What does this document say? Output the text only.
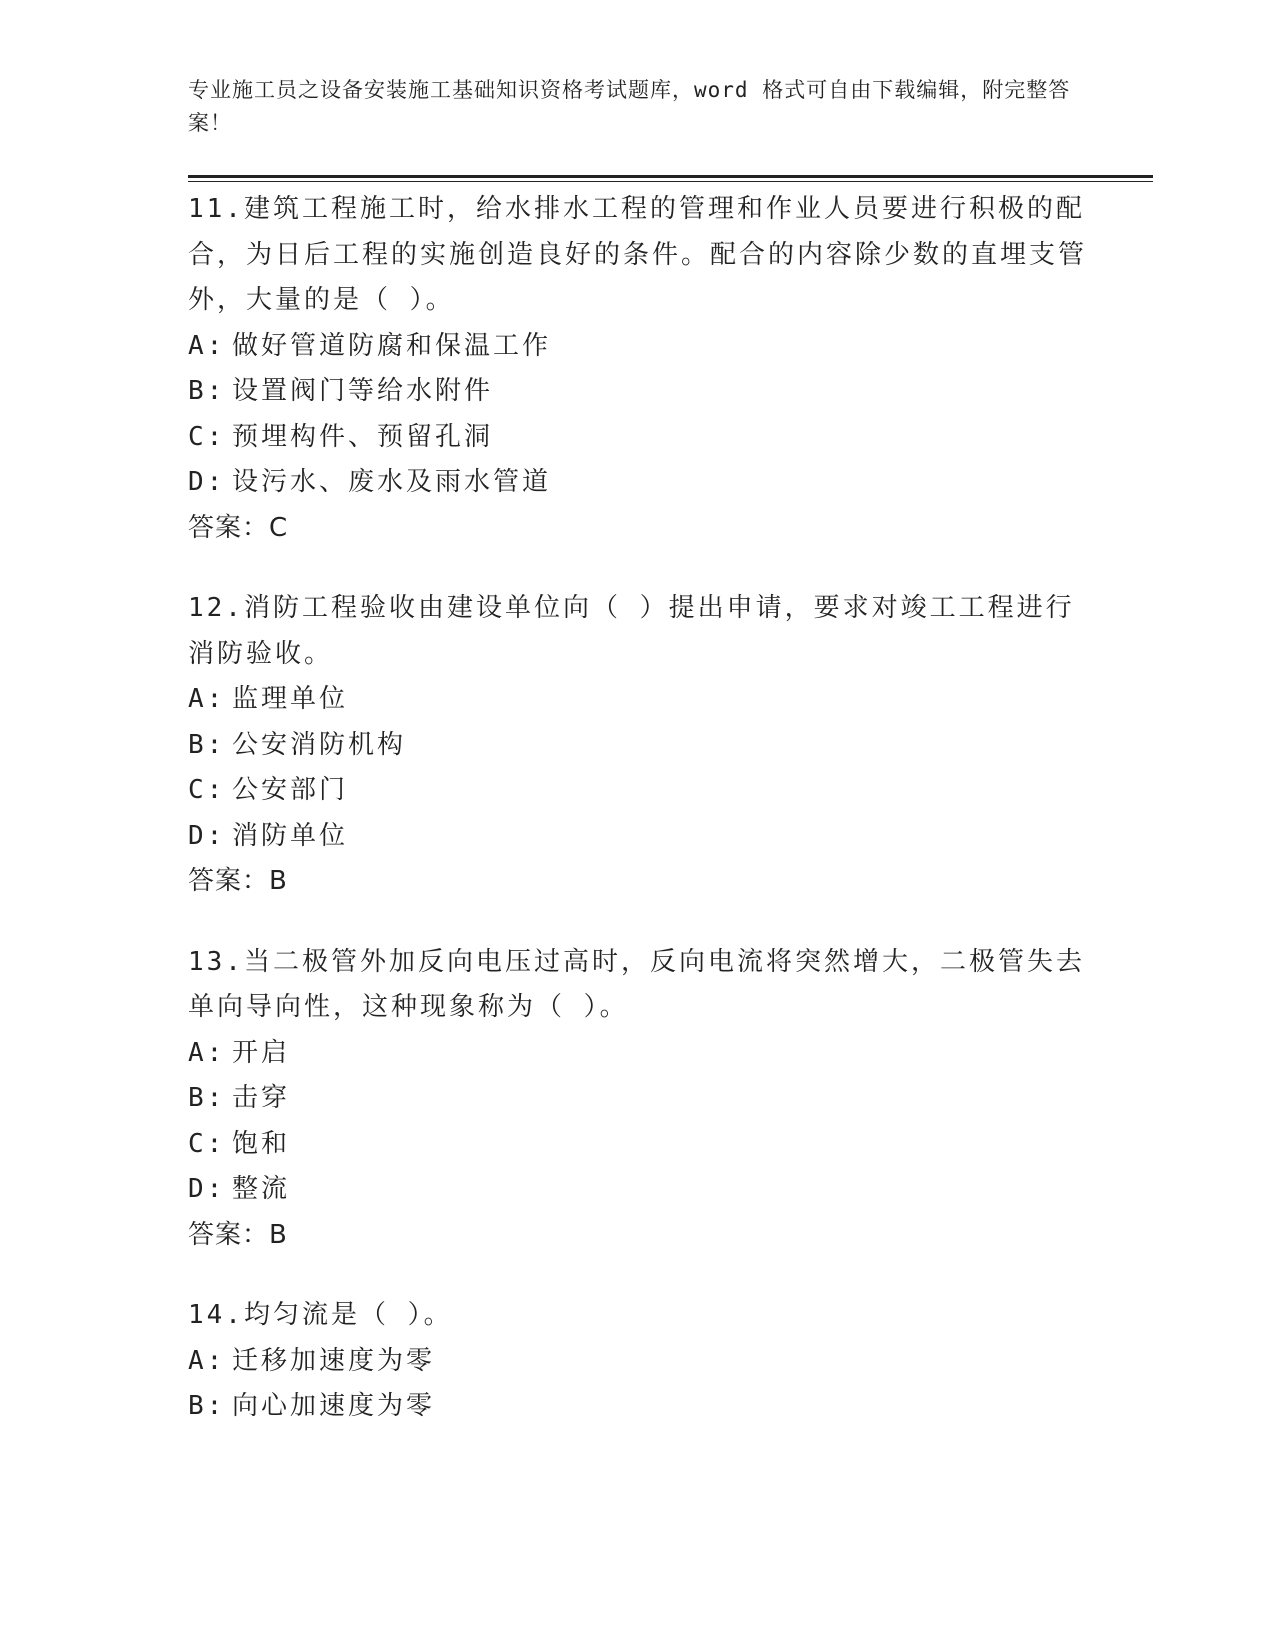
专业施工员之设备安装施工基础知识资格考试题库，word 格式可自由下载编辑，附完整答案！
11.建筑工程施工时，给水排水工程的管理和作业人员要进行积极的配合，为日后工程的实施创造良好的条件。配合的内容除少数的直埋支管外，大量的是（ ）。
A: 做好管道防腐和保温工作
B: 设置阀门等给水附件
C: 预埋构件、预留孔洞
D: 设污水、废水及雨水管道
答案：C
12.消防工程验收由建设单位向（ ）提出申请，要求对竣工工程进行消防验收。
A: 监理单位
B: 公安消防机构
C: 公安部门
D: 消防单位
答案：B
13.当二极管外加反向电压过高时，反向电流将突然增大，二极管失去单向导向性，这种现象称为（ ）。
A: 开启
B: 击穿
C: 饱和
D: 整流
答案：B
14.均匀流是（ ）。
A: 迁移加速度为零
B: 向心加速度为零
